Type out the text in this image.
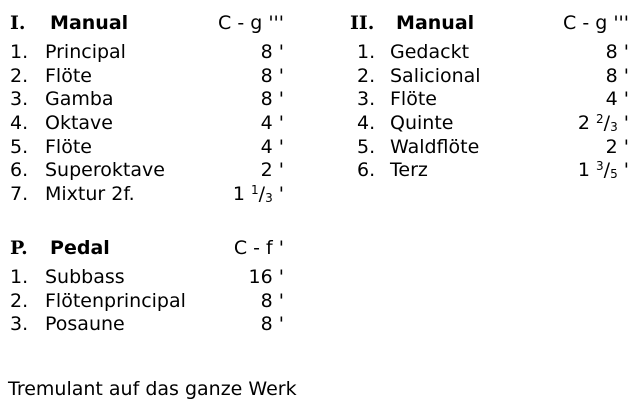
I. Manual	C - g '''
1. Principal	8 '
2. Flöte	8 '
3. Gamba	8 '
4. Oktave	4 '
5. Flöte	4 '
6. Superoktave	2 '
7. Mixtur 2f.	1 $^1/_3$ '
II. Manual	C - g '''
1. Gedackt	8 '
2. Salicional	8 '
3. Flöte	4 '
4. Quinte	2 $^2/_3$ '
5. Waldflöte	2 '
6. Terz	1 $^3/_5$ '
P. Pedal	C - f '
1. Subbass	16 '
2. Flötenprincipal	8 '
3. Posaune	8 '
Tremulant auf das ganze Werk
